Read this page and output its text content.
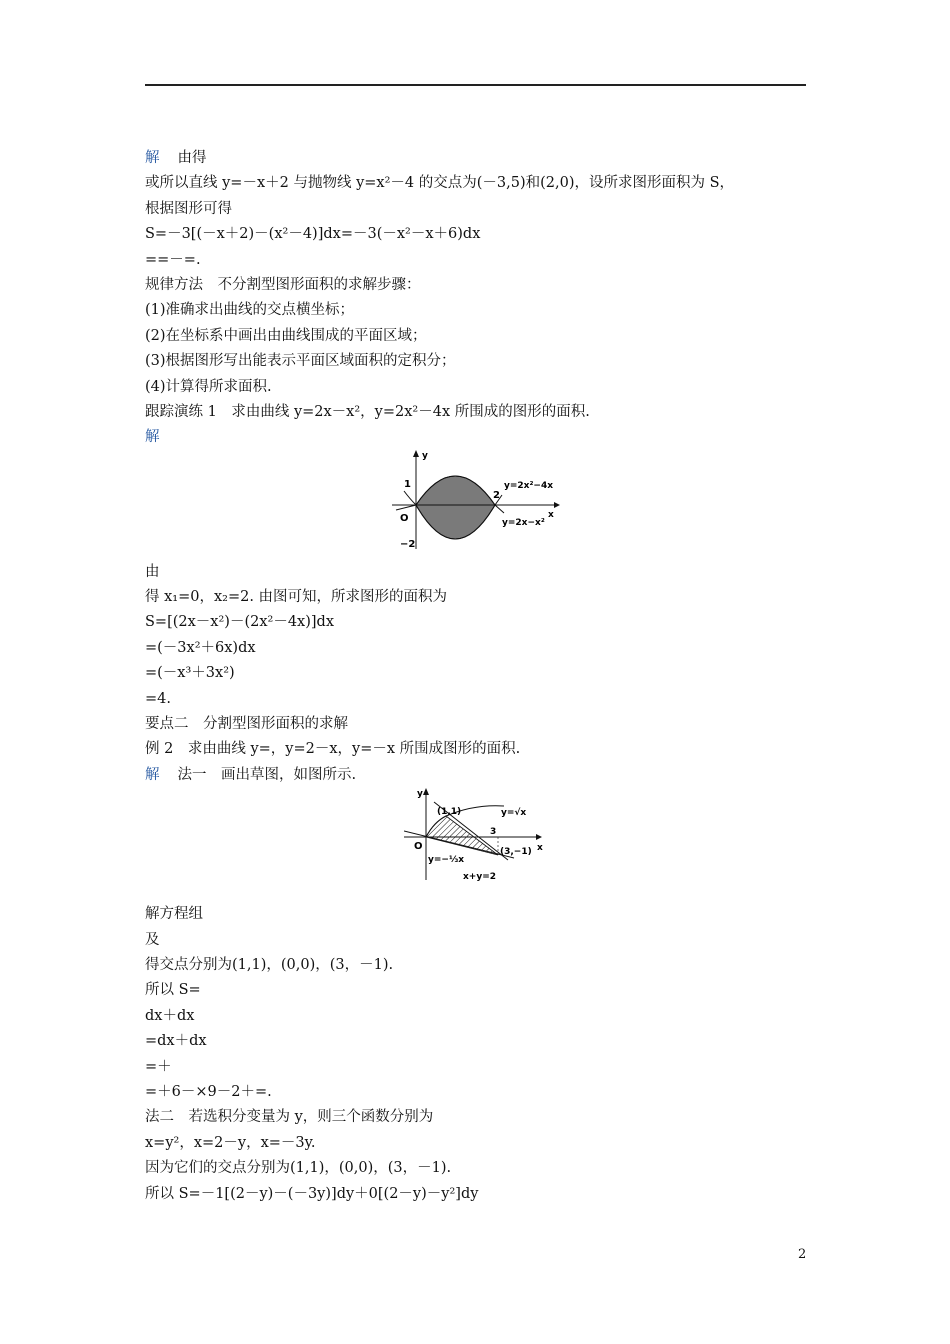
解 由得
或所以直线 y=－x＋2 与抛物线 y=x²－4 的交点为(－3,5)和(2,0)，设所求图形面积为 S，
根据图形可得
S=－3[(－x＋2)－(x²－4)]dx=－3(－x²－x＋6)dx
==－=.
规律方法　不分割型图形面积的求解步骤：
(1)准确求出曲线的交点横坐标；
(2)在坐标系中画出由曲线围成的平面区域；
(3)根据图形写出能表示平面区域面积的定积分；
(4)计算得所求面积.
跟踪演练 1　求由曲线 y=2x－x²，y=2x²－4x 所围成的图形的面积.
解
由
得 x₁=0，x₂=2. 由图可知，所求图形的面积为
S=[(2x－x²)－(2x²－4x)]dx
=(－3x²＋6x)dx
=(－x³＋3x²)
=4.
要点二　分割型图形面积的求解
例 2　求由曲线 y=，y=2－x，y=－x 所围成图形的面积.
解 法一　画出草图，如图所示.
解方程组
及
得交点分别为(1,1)，(0,0)，(3，－1).
所以 S=
dx＋dx
=dx＋dx
=＋
=＋6－×9－2＋=.
法二　若选积分变量为 y，则三个函数分别为
x=y²，x=2－y，x=－3y.
因为它们的交点分别为(1,1)，(0,0)，(3，－1).
所以 S=－1[(2－y)－(－3y)]dy＋0[(2－y)－y²]dy
y
x
O
1
−2
2
y=2x²−4x
y=2x−x²
y
x
O
(1,1)
3
(3,−1)
y=√x
y=−⅓x
x+y=2
2
